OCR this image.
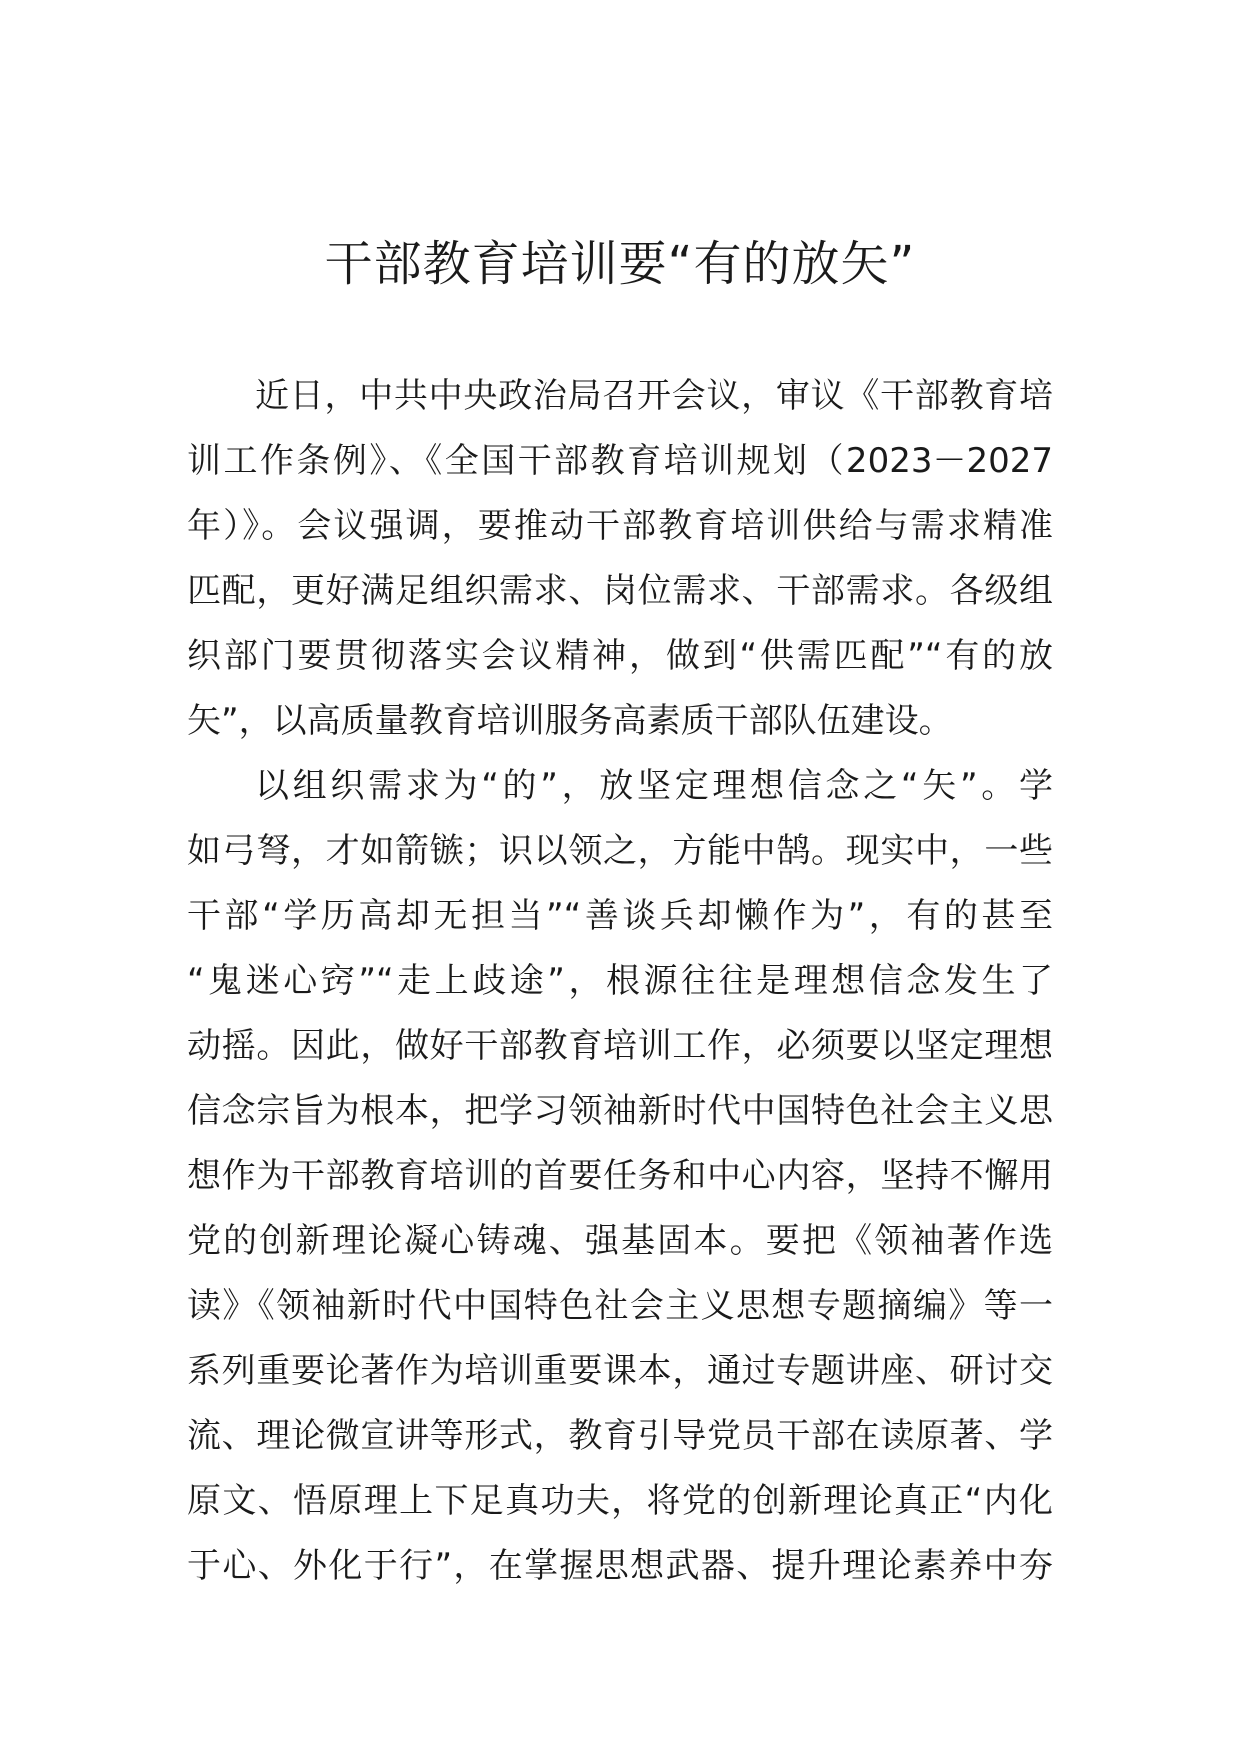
干部教育培训要“有的放矢”
近日，中共中央政治局召开会议，审议《干部教育培
训工作条例》、《全国干部教育培训规划（2023－2027
年）》。会议强调，要推动干部教育培训供给与需求精准
匹配，更好满足组织需求、岗位需求、干部需求。各级组
织部门要贯彻落实会议精神，做到“供需匹配”“有的放
矢”，以高质量教育培训服务高素质干部队伍建设。
以组织需求为“的”，放坚定理想信念之“矢”。学
如弓弩，才如箭镞；识以领之，方能中鹄。现实中，一些
干部“学历高却无担当”“善谈兵却懒作为”，有的甚至
“鬼迷心窍”“走上歧途”，根源往往是理想信念发生了
动摇。因此，做好干部教育培训工作，必须要以坚定理想
信念宗旨为根本，把学习领袖新时代中国特色社会主义思
想作为干部教育培训的首要任务和中心内容，坚持不懈用
党的创新理论凝心铸魂、强基固本。要把《领袖著作选
读》《领袖新时代中国特色社会主义思想专题摘编》等一
系列重要论著作为培训重要课本，通过专题讲座、研讨交
流、理论微宣讲等形式，教育引导党员干部在读原著、学
原文、悟原理上下足真功夫，将党的创新理论真正“内化
于心、外化于行”，在掌握思想武器、提升理论素养中夯
